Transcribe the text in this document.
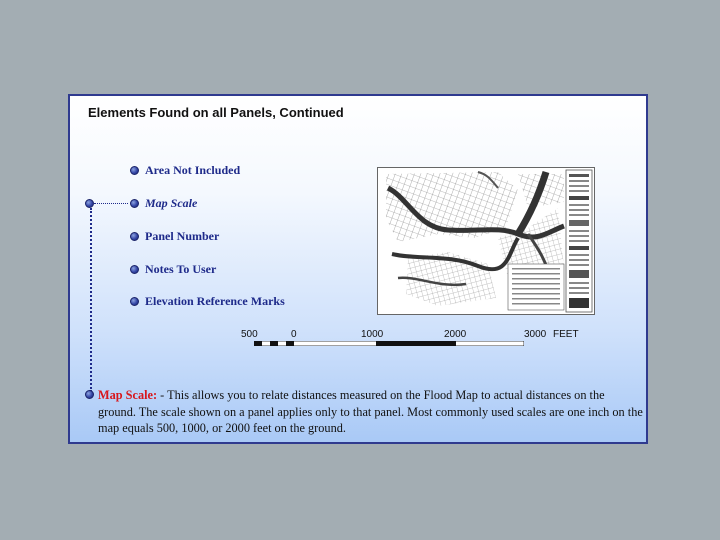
Elements Found on all Panels, Continued
Area Not Included
Map Scale
Panel Number
Notes To User
Elevation Reference Marks
500	0	1000	2000	3000 FEET
Map Scale: - This allows you to relate distances measured on the Flood Map to actual distances on the ground. The scale shown on a panel applies only to that panel. Most commonly used scales are one inch on the map equals 500, 1000, or 2000 feet on the ground.
